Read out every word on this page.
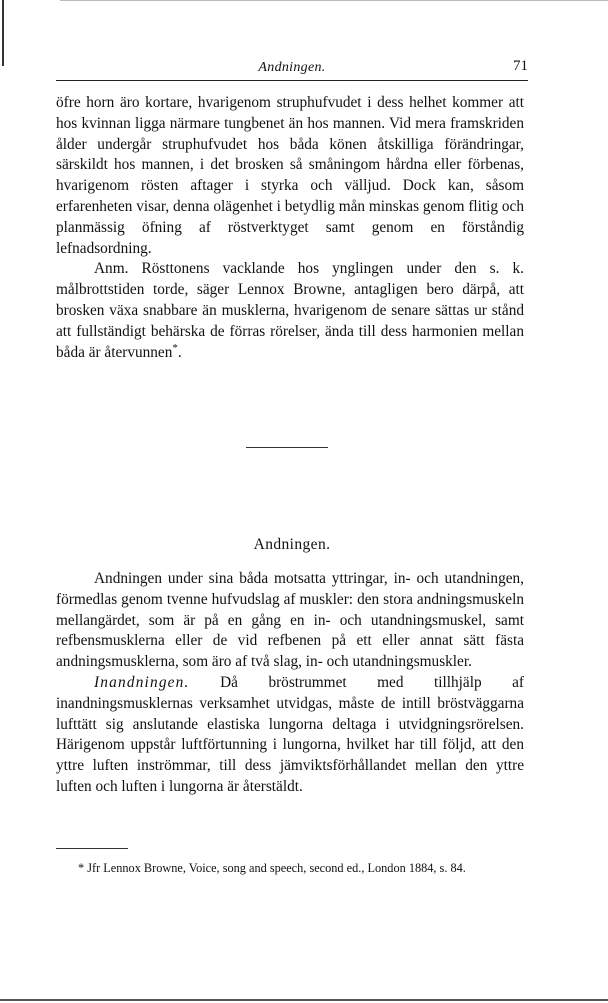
Andningen.	71

öfre horn äro kortare, hvarigenom struphufvudet i dess helhet kommer att hos kvinnan ligga närmare tungbenet än hos mannen. Vid mera framskriden ålder undergår struphufvudet hos båda könen åtskilliga förändringar, särskildt hos mannen, i det brosken så småningom hårdna eller förbenas, hvarigenom rösten aftager i styrka och välljud. Dock kan, såsom erfarenheten visar, denna olägenhet i betydlig mån minskas genom flitig och planmässig öfning af röstverktyget samt genom en förståndig lefnadsordning.

Anm. Rösttonens vacklande hos ynglingen under den s. k. målbrottstiden torde, säger Lennox Browne, antagligen bero därpå, att brosken växa snabbare än musklerna, hvarigenom de senare sättas ur stånd att fullständigt behärska de förras rörelser, ända till dess harmonien mellan båda är återvunnen*.

Andningen.

Andningen under sina båda motsatta yttringar, in- och utandningen, förmedlas genom tvenne hufvudslag af muskler: den stora andningsmuskeln mellangärdet, som är på en gång en in- och utandningsmuskel, samt refbensmusklerna eller de vid refbenen på ett eller annat sätt fästa andningsmusklerna, som äro af två slag, in- och utandningsmuskler.

Inandningen. Då bröstrummet med tillhjälp af inandningsmusklernas verksamhet utvidgas, måste de intill bröstväggarna lufttätt sig anslutande elastiska lungorna deltaga i utvidgningsrörelsen. Härigenom uppstår luftförtunning i lungorna, hvilket har till följd, att den yttre luften inströmmar, till dess jämviktsförhållandet mellan den yttre luften och luften i lungorna är återstäldt.

* Jfr Lennox Browne, Voice, song and speech, second ed., London 1884, s. 84.
